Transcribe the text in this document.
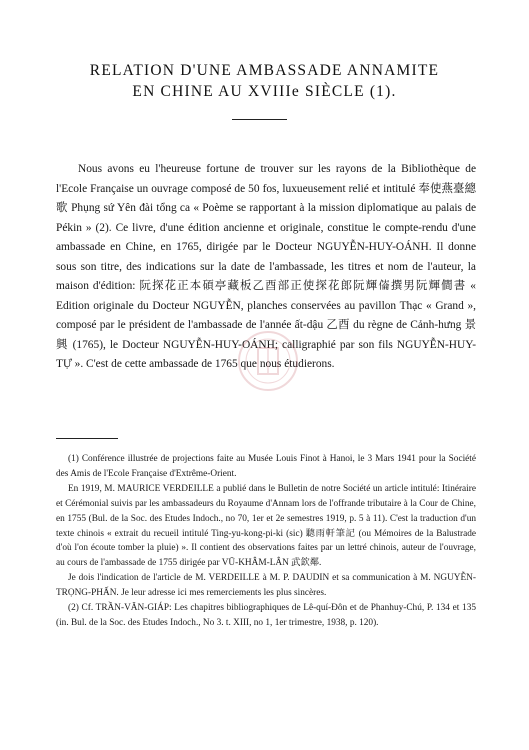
RELATION D'UNE AMBASSADE ANNAMITE
EN CHINE AU XVIIIe SIÈCLE (1).

Nous avons eu l'heureuse fortune de trouver sur les rayons de la Bibliothèque de l'Ecole Française un ouvrage composé de 50 fos, luxueusement relié et intitulé 奉使燕臺總歌 Phụng sứ Yên đài tổng ca « Poème se rapportant à la mission diplomatique au palais de Pékin » (2). Ce livre, d'une édition ancienne et originale, constitue le compte-rendu d'une ambassade en Chine, en 1765, dirigée par le Docteur NGUYỄN-HUY-OÁNH. Il donne sous son titre, des indications sur la date de l'ambassade, les titres et nom de l'auteur, la maison d'édition: 阮探花正本碩亭藏板乙酉部正使探花郎阮輝𠍓撰男阮輝僴書 « Edition originale du Docteur NGUYỄN, planches conservées au pavillon Thạc « Grand », composé par le président de l'ambassade de l'année ất-dậu 乙酉 du règne de Cảnh-hưng 景興 (1765), le Docteur NGUYỄN-HUY-OÁNH; calligraphié par son fils NGUYỄN-HUY-TỰ ». C'est de cette ambassade de 1765 que nous étudierons.

(1) Conférence illustrée de projections faite au Musée Louis Finot à Hanoi, le 3 Mars 1941 pour la Société des Amis de l'Ecole Française d'Extrême-Orient.

En 1919, M. MAURICE VERDEILLE a publié dans le Bulletin de notre Société un article intitulé: Itinéraire et Cérémonial suivis par les ambassadeurs du Royaume d'Annam lors de l'offrande tributaire à la Cour de Chine, en 1755 (Bul. de la Soc. des Etudes Indoch., no 70, 1er et 2e semestres 1919, p. 5 à 11). C'est la traduction d'un texte chinois « extrait du recueil intitulé Ting-yu-kong-pi-ki (sic) 聽雨軒筆記 (ou Mémoires de la Balustrade d'où l'on écoute tomber la pluie) ». Il contient des observations faites par un lettré chinois, auteur de l'ouvrage, au cours de l'ambassade de 1755 dirigée par VŨ-KHÂM-LÂN 武欽鄰.

Je dois l'indication de l'article de M. VERDEILLE à M. P. DAUDIN et sa communication à M. NGUYỄN-TRỌNG-PHẤN. Je leur adresse ici mes remerciements les plus sincères.

(2) Cf. TRẦN-VĂN-GIÁP: Les chapitres bibliographiques de Lê-quí-Đôn et de Phanhuy-Chú, P. 134 et 135 (in. Bul. de la Soc. des Etudes Indoch., No 3. t. XIII, no 1, 1er trimestre, 1938, p. 120).
